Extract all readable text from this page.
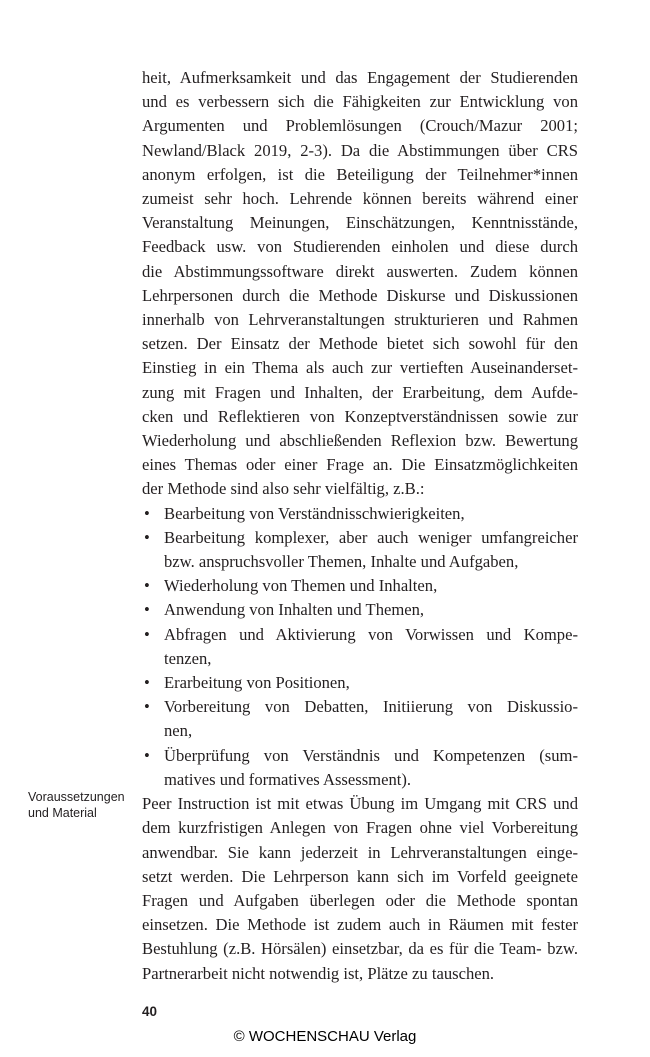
heit, Aufmerksamkeit und das Engagement der Studierenden
und es verbessern sich die Fähigkeiten zur Entwicklung von
Argumenten und Problemlösungen (Crouch/Mazur 2001;
Newland/Black 2019, 2-3). Da die Abstimmungen über CRS
anonym erfolgen, ist die Beteiligung der Teilnehmer*innen
zumeist sehr hoch. Lehrende können bereits während einer
Veranstaltung Meinungen, Einschätzungen, Kenntnisstände,
Feedback usw. von Studierenden einholen und diese durch
die Abstimmungssoftware direkt auswerten. Zudem können
Lehrpersonen durch die Methode Diskurse und Diskussionen
innerhalb von Lehrveranstaltungen strukturieren und Rahmen
setzen. Der Einsatz der Methode bietet sich sowohl für den
Einstieg in ein Thema als auch zur vertieften Auseinanderset-
zung mit Fragen und Inhalten, der Erarbeitung, dem Aufde-
cken und Reflektieren von Konzeptverständnissen sowie zur
Wiederholung und abschließenden Reflexion bzw. Bewertung
eines Themas oder einer Frage an. Die Einsatzmöglichkeiten
der Methode sind also sehr vielfältig, z.B.:
• Bearbeitung von Verständnisschwierigkeiten,
• Bearbeitung komplexer, aber auch weniger umfangreicher
bzw. anspruchsvoller Themen, Inhalte und Aufgaben,
• Wiederholung von Themen und Inhalten,
• Anwendung von Inhalten und Themen,
• Abfragen und Aktivierung von Vorwissen und Kompe-
tenzen,
• Erarbeitung von Positionen,
• Vorbereitung von Debatten, Initiierung von Diskussio-
nen,
• Überprüfung von Verständnis und Kompetenzen (sum-
matives und formatives Assessment).
Peer Instruction ist mit etwas Übung im Umgang mit CRS und
dem kurzfristigen Anlegen von Fragen ohne viel Vorbereitung
anwendbar. Sie kann jederzeit in Lehrveranstaltungen einge-
setzt werden. Die Lehrperson kann sich im Vorfeld geeignete
Fragen und Aufgaben überlegen oder die Methode spontan
einsetzen. Die Methode ist zudem auch in Räumen mit fester
Bestuhlung (z.B. Hörsälen) einsetzbar, da es für die Team- bzw.
Partnerarbeit nicht notwendig ist, Plätze zu tauschen.
Voraussetzungen
und Material
40
© WOCHENSCHAU Verlag
